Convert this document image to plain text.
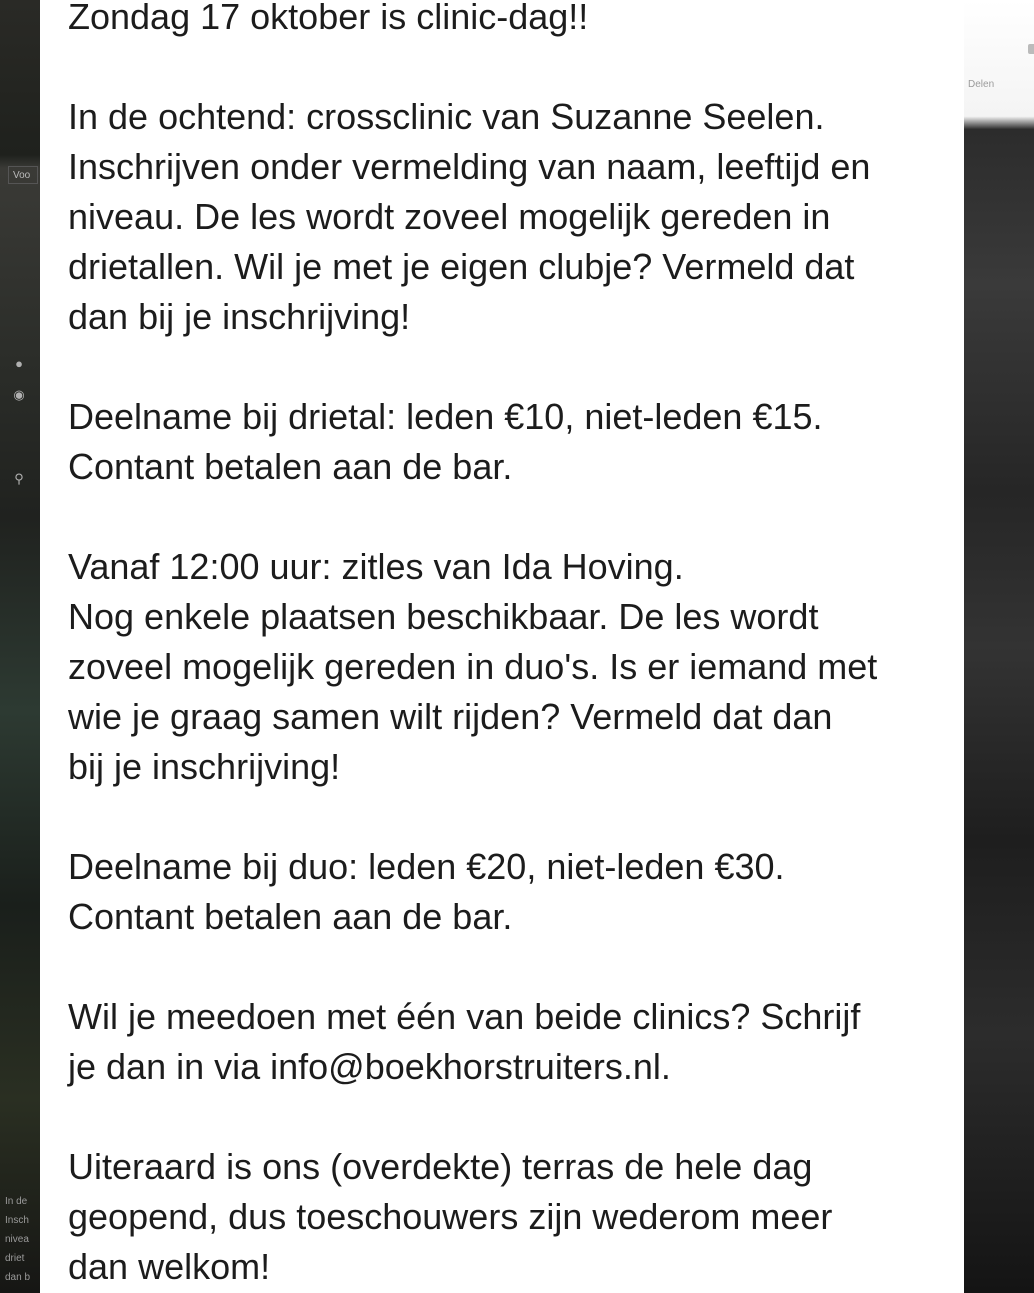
Voo
●
◉
⚲
In de
Insch
nivea
driet
dan b
Delen
Zondag 17 oktober is clinic-dag!!
In de ochtend: crossclinic van Suzanne Seelen.
Inschrijven onder vermelding van naam, leeftijd en
niveau. De les wordt zoveel mogelijk gereden in
drietallen. Wil je met je eigen clubje? Vermeld dat
dan bij je inschrijving!
Deelname bij drietal: leden €10, niet-leden €15.
Contant betalen aan de bar.
Vanaf 12:00 uur: zitles van Ida Hoving.
Nog enkele plaatsen beschikbaar. De les wordt
zoveel mogelijk gereden in duo's. Is er iemand met
wie je graag samen wilt rijden? Vermeld dat dan
bij je inschrijving!
Deelname bij duo: leden €20, niet-leden €30.
Contant betalen aan de bar.
Wil je meedoen met één van beide clinics? Schrijf
je dan in via info@boekhorstruiters.nl.
Uiteraard is ons (overdekte) terras de hele dag
geopend, dus toeschouwers zijn wederom meer
dan welkom!
